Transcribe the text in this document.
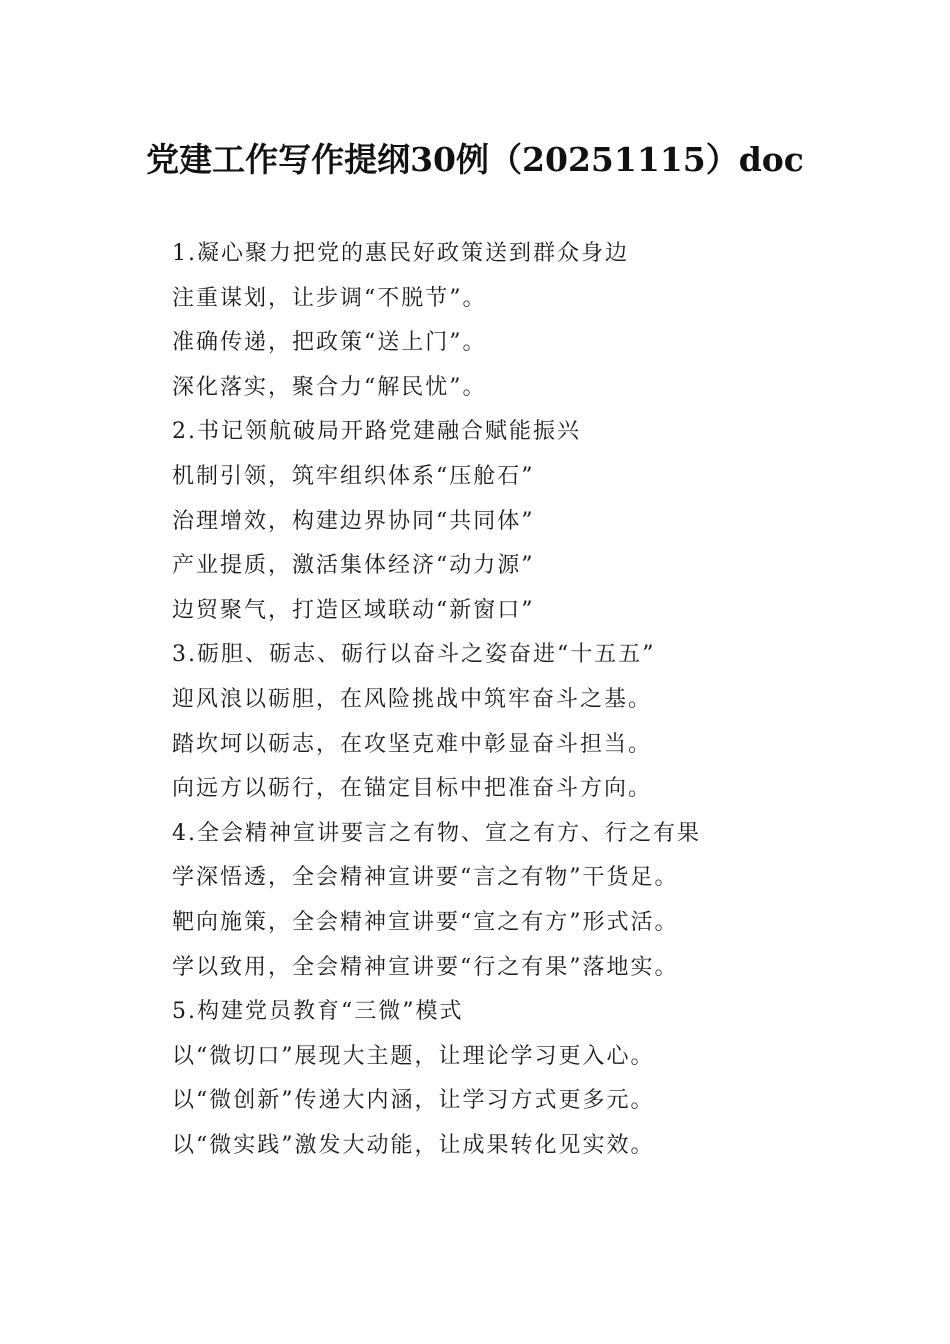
党建工作写作提纲30例（20251115）doc
1.凝心聚力把党的惠民好政策送到群众身边
注重谋划，让步调“不脱节”。
准确传递，把政策“送上门”。
深化落实，聚合力“解民忧”。
2.书记领航破局开路党建融合赋能振兴
机制引领，筑牢组织体系“压舱石”
治理增效，构建边界协同“共同体”
产业提质，激活集体经济“动力源”
边贸聚气，打造区域联动“新窗口”
3.砺胆、砺志、砺行以奋斗之姿奋进“十五五”
迎风浪以砺胆，在风险挑战中筑牢奋斗之基。
踏坎坷以砺志，在攻坚克难中彰显奋斗担当。
向远方以砺行，在锚定目标中把准奋斗方向。
4.全会精神宣讲要言之有物、宣之有方、行之有果
学深悟透，全会精神宣讲要“言之有物”干货足。
靶向施策，全会精神宣讲要“宣之有方”形式活。
学以致用，全会精神宣讲要“行之有果”落地实。
5.构建党员教育“三微”模式
以“微切口”展现大主题，让理论学习更入心。
以“微创新”传递大内涵，让学习方式更多元。
以“微实践”激发大动能，让成果转化见实效。
